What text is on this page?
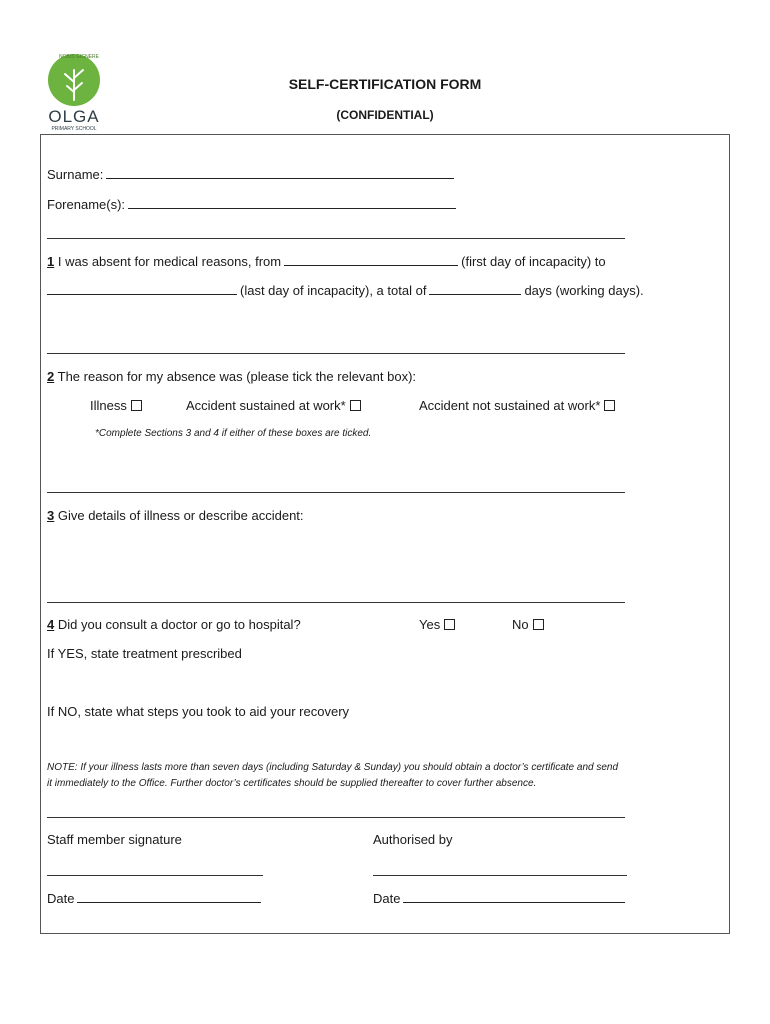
NOBIS GIGNERE
OLGA
PRIMARY SCHOOL
SELF-CERTIFICATION FORM
(CONFIDENTIAL)
Surname:
Forename(s):
1 I was absent for medical reasons, from	(first day of incapacity) to
(last day of incapacity), a total of	days (working days).
2 The reason for my absence was (please tick the relevant box):
Illness	Accident sustained at work*	Accident not sustained at work*
*Complete Sections 3 and 4 if either of these boxes are ticked.
3 Give details of illness or describe accident:
4 Did you consult a doctor or go to hospital?	Yes	No
If YES, state treatment prescribed
If NO, state what steps you took to aid your recovery
NOTE: If your illness lasts more than seven days (including Saturday & Sunday) you should obtain a doctor’s certificate and send
it immediately to the Office. Further doctor’s certificates should be supplied thereafter to cover further absence.
Staff member signature	Authorised by
Date	Date
